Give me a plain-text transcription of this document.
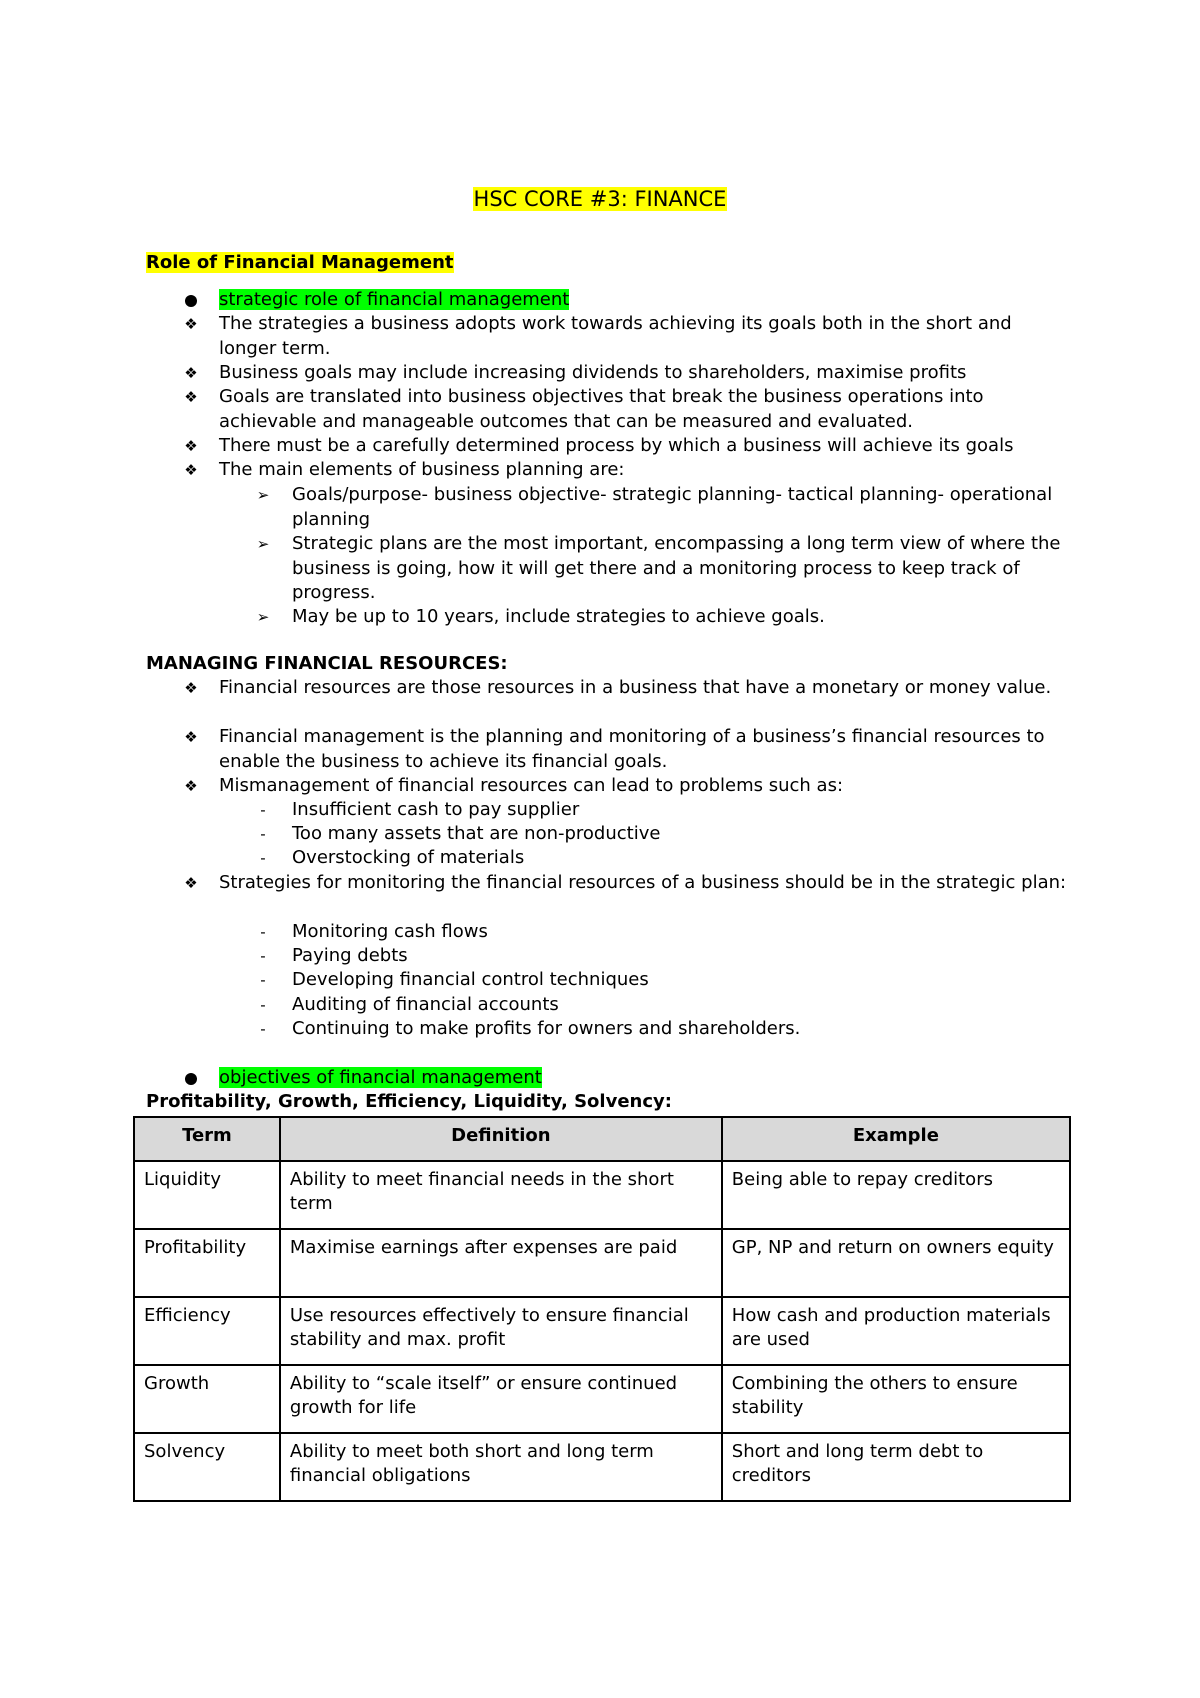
HSC CORE #3: FINANCE
Role of Financial Management
strategic role of financial management
❖ The strategies a business adopts work towards achieving its goals both in the short and longer term.
❖ Business goals may include increasing dividends to shareholders, maximise profits
❖ Goals are translated into business objectives that break the business operations into achievable and manageable outcomes that can be measured and evaluated.
❖ There must be a carefully determined process by which a business will achieve its goals
❖ The main elements of business planning are:
➢ Goals/purpose- business objective- strategic planning- tactical planning- operational planning
➢ Strategic plans are the most important, encompassing a long term view of where the business is going, how it will get there and a monitoring process to keep track of progress.
➢ May be up to 10 years, include strategies to achieve goals.
MANAGING FINANCIAL RESOURCES:
❖ Financial resources are those resources in a business that have a monetary or money value.
❖ Financial management is the planning and monitoring of a business’s financial resources to enable the business to achieve its financial goals.
❖ Mismanagement of financial resources can lead to problems such as:
-	Insufficient cash to pay supplier
-	Too many assets that are non-productive
-	Overstocking of materials
❖ Strategies for monitoring the financial resources of a business should be in the strategic plan:
-	Monitoring cash flows
-	Paying debts
-	Developing financial control techniques
-	Auditing of financial accounts
-	Continuing to make profits for owners and shareholders.
objectives of financial management
Profitability, Growth, Efficiency, Liquidity, Solvency:
Term	Definition	Example
Liquidity	Ability to meet financial needs in the short term	Being able to repay creditors
Profitability	Maximise earnings after expenses are paid	GP, NP and return on owners equity
Efficiency	Use resources effectively to ensure financial stability and max. profit	How cash and production materials are used
Growth	Ability to “scale itself” or ensure continued growth for life	Combining the others to ensure stability
Solvency	Ability to meet both short and long term financial obligations	Short and long term debt to creditors
